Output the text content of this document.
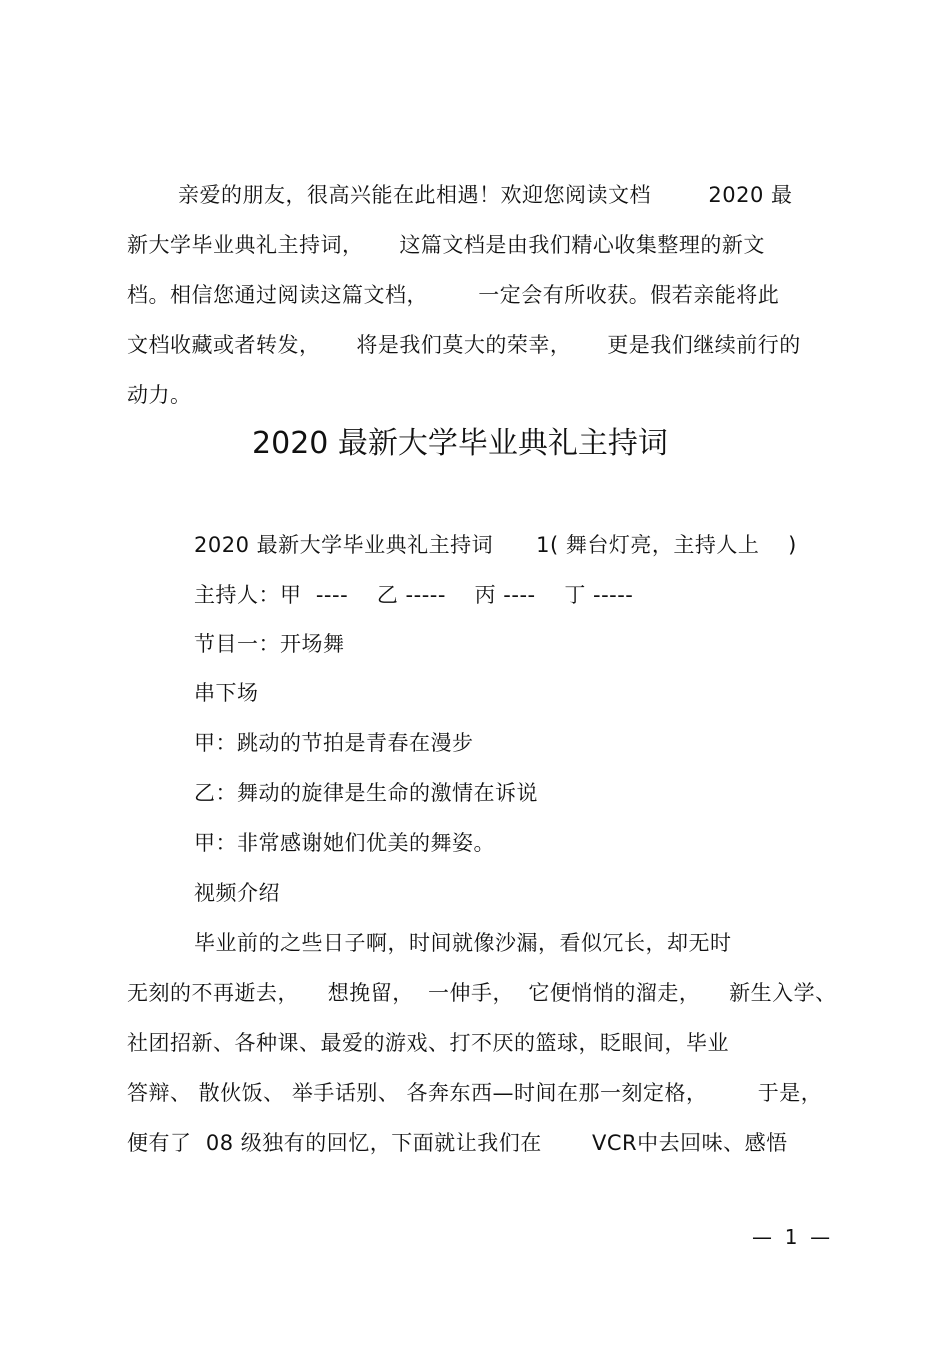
亲爱的朋友，很高兴能在此相遇！欢迎您阅读文档        2020 最
新大学毕业典礼主持词，     这篇文档是由我们精心收集整理的新文
档。相信您通过阅读这篇文档，       一定会有所收获。假若亲能将此
文档收藏或者转发，     将是我们莫大的荣幸，     更是我们继续前行的
动力。
2020 最新大学毕业典礼主持词
2020 最新大学毕业典礼主持词      1( 舞台灯亮，主持人上    )
主持人：甲  ----    乙 -----    丙 ----    丁 -----
节目一：开场舞
串下场
甲：跳动的节拍是青春在漫步
乙：舞动的旋律是生命的激情在诉说
甲：非常感谢她们优美的舞姿。
视频介绍
毕业前的之些日子啊，时间就像沙漏，看似冗长，却无时
无刻的不再逝去，    想挽留，  一伸手，  它便悄悄的溜走，    新生入学、
社团招新、各种课、最爱的游戏、打不厌的篮球，眨眼间，毕业
答辩、 散伙饭、 举手话别、 各奔东西—时间在那一刻定格，       于是，
便有了  08 级独有的回忆，下面就让我们在       VCR中去回味、感悟
—  1  —
